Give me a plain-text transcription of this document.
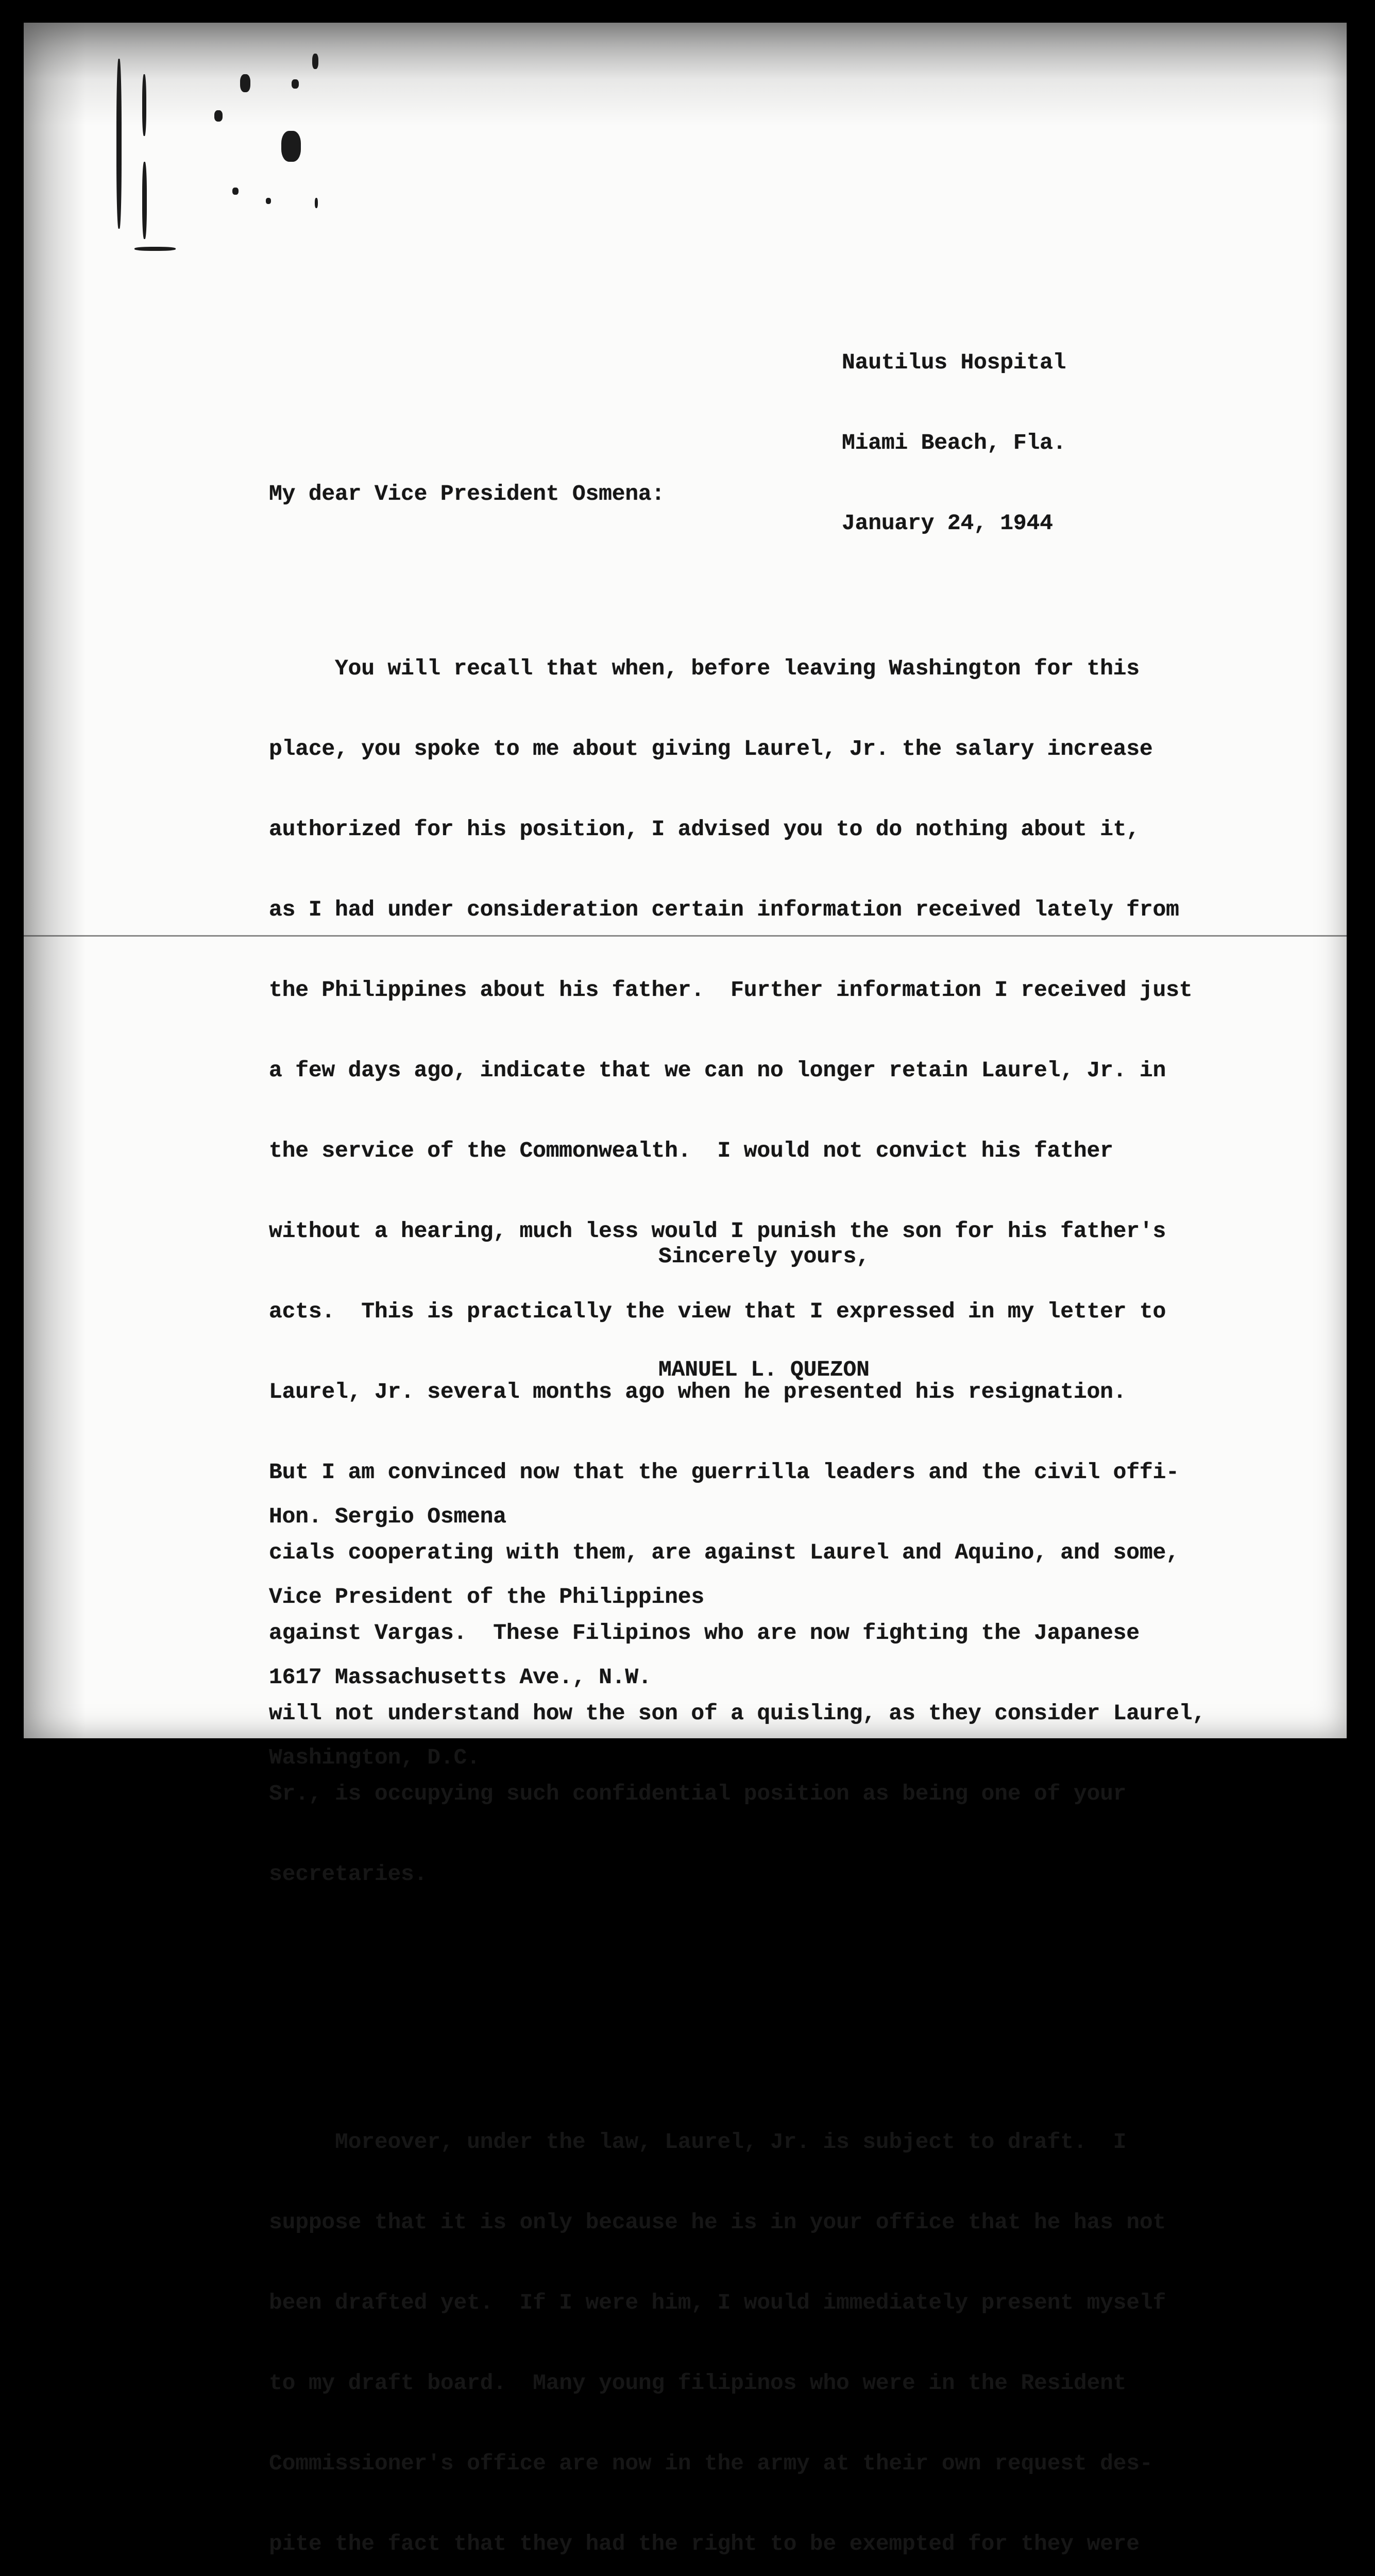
Nautilus Hospital

Miami Beach, Fla.

January 24, 1944

My dear Vice President Osmena:

You will recall that when, before leaving Washington for this

place, you spoke to me about giving Laurel, Jr. the salary increase

authorized for his position, I advised you to do nothing about it,

as I had under consideration certain information received lately from

the Philippines about his father.  Further information I received just

a few days ago, indicate that we can no longer retain Laurel, Jr. in

the service of the Commonwealth.  I would not convict his father

without a hearing, much less would I punish the son for his father's

acts.  This is practically the view that I expressed in my letter to

Laurel, Jr. several months ago when he presented his resignation.

But I am convinced now that the guerrilla leaders and the civil offi-

cials cooperating with them, are against Laurel and Aquino, and some,

against Vargas.  These Filipinos who are now fighting the Japanese

will not understand how the son of a quisling, as they consider Laurel,

Sr., is occupying such confidential position as being one of your

secretaries.

Moreover, under the law, Laurel, Jr. is subject to draft.  I

suppose that it is only because he is in your office that he has not

been drafted yet.  If I were him, I would immediately present myself

to my draft board.  Many young filipinos who were in the Resident

Commissioner's office are now in the army at their own request des-

pite the fact that they had the right to be exempted for they were

Sincerely yours,
MANUEL L. QUEZON

Hon. Sergio Osmena

Vice President of the Philippines

1617 Massachusetts Ave., N.W.

Washington, D.C.
